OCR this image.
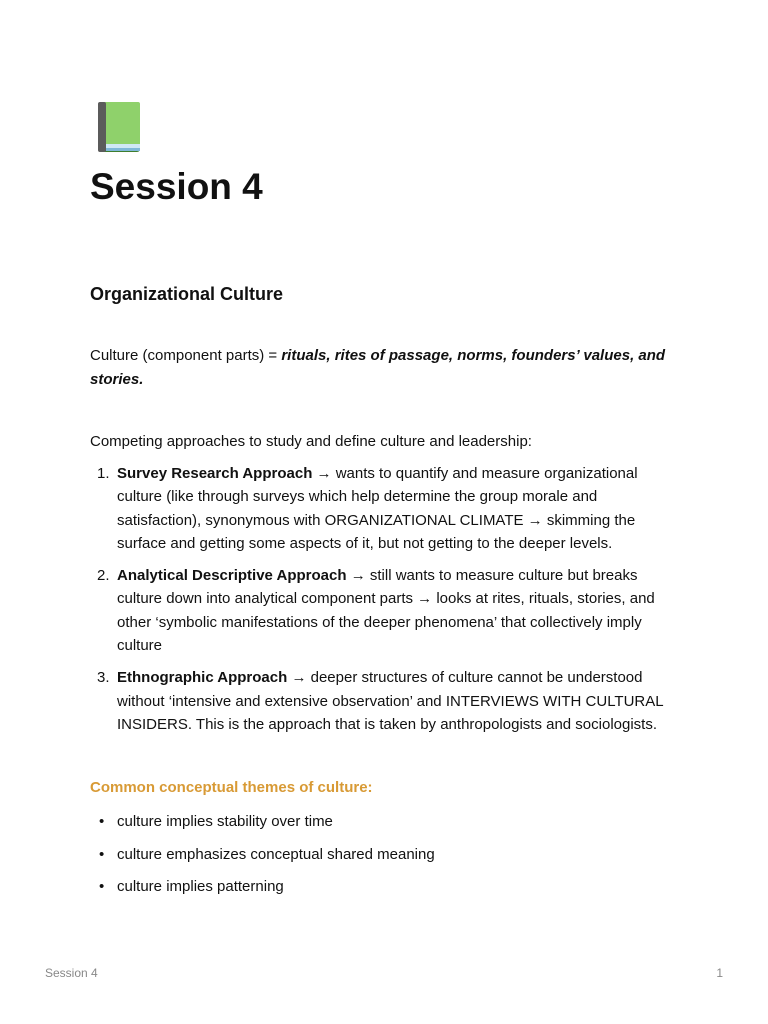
Session 4
Organizational Culture

Culture (component parts) = rituals, rites of passage, norms, founders’ values, and stories.

Competing approaches to study and define culture and leadership:

1. Survey Research Approach → wants to quantify and measure organizational culture (like through surveys which help determine the group morale and satisfaction), synonymous with ORGANIZATIONAL CLIMATE → skimming the surface and getting some aspects of it, but not getting to the deeper levels.
2. Analytical Descriptive Approach → still wants to measure culture but breaks culture down into analytical component parts → looks at rites, rituals, stories, and other ‘symbolic manifestations of the deeper phenomena’ that collectively imply culture
3. Ethnographic Approach → deeper structures of culture cannot be understood without ‘intensive and extensive observation’ and INTERVIEWS WITH CULTURAL INSIDERS. This is the approach that is taken by anthropologists and sociologists.
Common conceptual themes of culture:
• culture implies stability over time
• culture emphasizes conceptual shared meaning
• culture implies patterning
Session 4	1
